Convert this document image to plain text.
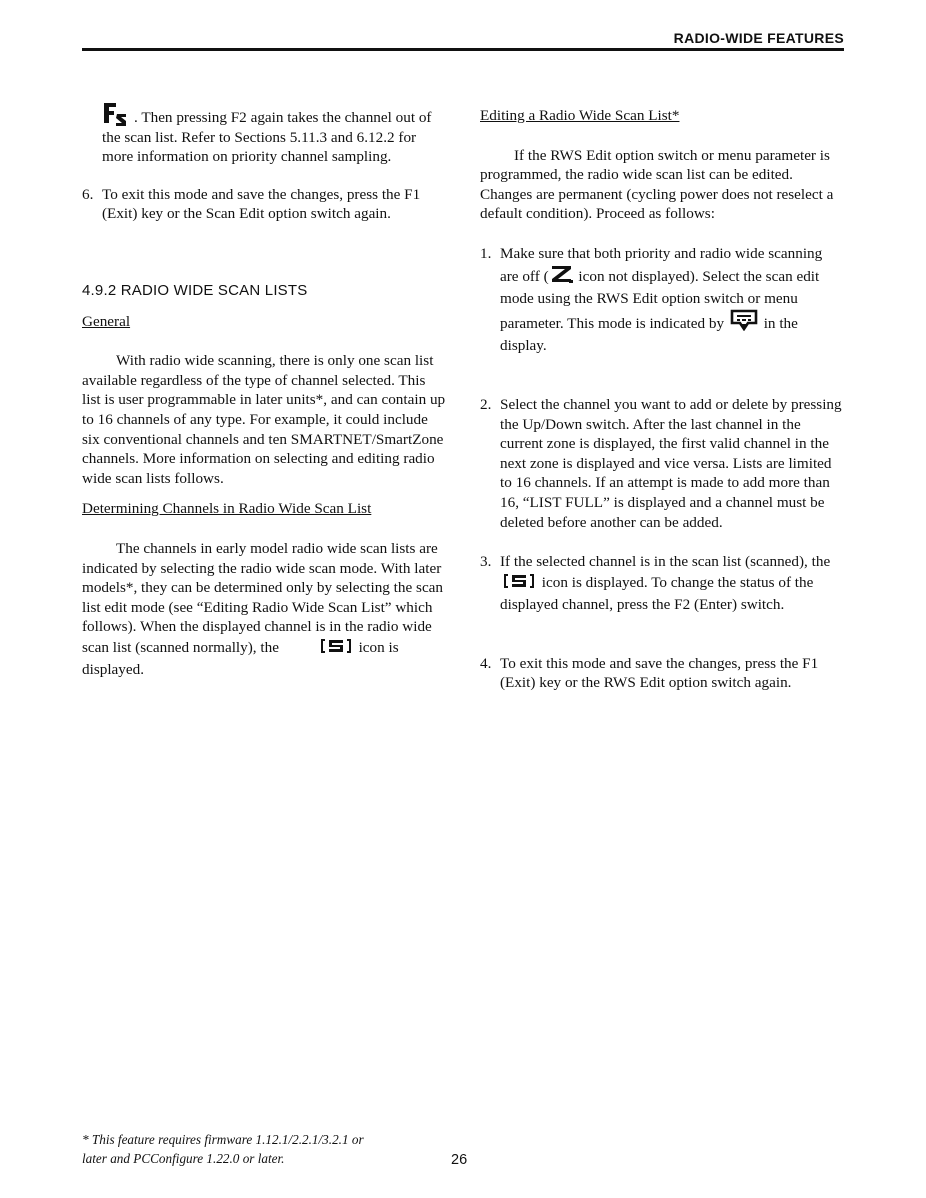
RADIO-WIDE FEATURES

. Then pressing F2 again takes the channel out of the scan list. Refer to Sections 5.11.3 and 6.12.2 for more information on priority channel sampling.

6. To exit this mode and save the changes, press the F1 (Exit) key or the Scan Edit option switch again.

4.9.2 RADIO WIDE SCAN LISTS

General

With radio wide scanning, there is only one scan list available regardless of the type of channel selected. This list is user programmable in later units*, and can contain up to 16 channels of any type. For example, it could include six conventional channels and ten SMARTNET/SmartZone channels. More information on selecting and editing radio wide scan lists follows.

Determining Channels in Radio Wide Scan List

The channels in early model radio wide scan lists are indicated by selecting the radio wide scan mode. With later models*, they can be determined only by selecting the scan list edit mode (see “Editing Radio Wide Scan List” which follows). When the displayed channel is in the radio wide scan list (scanned normally), the	icon is displayed.

Editing a Radio Wide Scan List*

If the RWS Edit option switch or menu parameter is programmed, the radio wide scan list can be edited. Changes are permanent (cycling power does not reselect a default condition). Proceed as follows:

1. Make sure that both priority and radio wide scanning are off ( icon not displayed). Select the scan edit mode using the RWS Edit option switch or menu parameter. This mode is indicated by	in the display.
2. Select the channel you want to add or delete by pressing the Up/Down switch. After the last channel in the current zone is displayed, the first valid channel in the next zone is displayed and vice versa. Lists are limited to 16 channels. If an attempt is made to add more than 16, “LIST FULL” is displayed and a channel must be deleted before another can be added.
3. If the selected channel is in the scan list (scanned), the  icon is displayed. To change the status of the displayed channel, press the F2 (Enter) switch.
4. To exit this mode and save the changes, press the F1 (Exit) key or the RWS Edit option switch again.
* This feature requires firmware 1.12.1/2.2.1/3.2.1 or
later and PCConfigure 1.22.0 or later.	26
